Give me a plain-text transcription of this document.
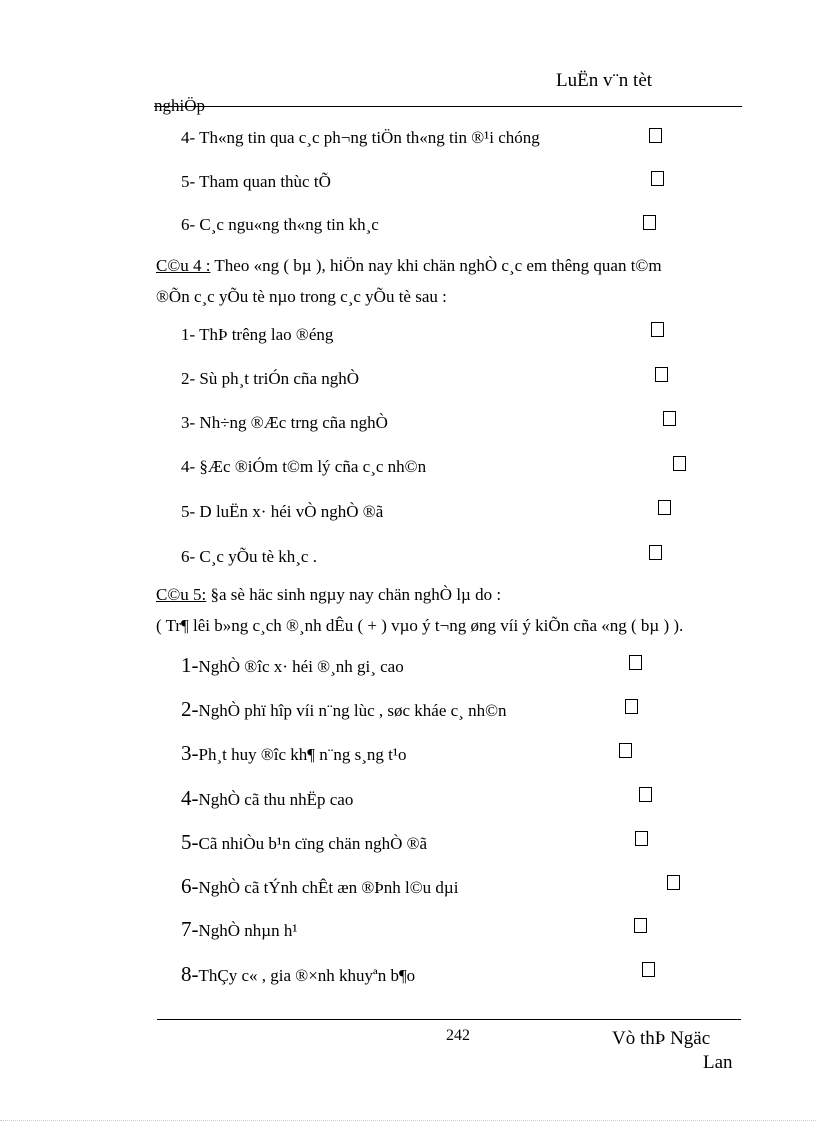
LuËn v¨n tèt
nghiÖp
4- Th«ng tin qua c¸c ph¬ng tiÖn th«ng tin ®¹i chóng
5- Tham quan thùc tÕ
6- C¸c ngu«ng th«ng tin kh¸c
C©u 4 : Theo «ng ( bµ ), hiÖn nay khi chän nghÒ c¸c em thêng quan t©m
®Õn c¸c yÕu tè nµo trong c¸c yÕu tè sau :
1- ThÞ trêng lao ®éng
2- Sù ph¸t triÓn cña nghÒ
3- Nh÷ng ®Æc trng cña nghÒ
4- §Æc ®iÓm t©m lý cña c¸c nh©n
5- D luËn x· héi vÒ nghÒ ®ã
6- C¸c yÕu tè kh¸c .
C©u 5: §a sè häc sinh ngµy nay chän nghÒ lµ do :
( Tr¶ lêi b»ng c¸ch ®¸nh dÊu ( + ) vµo ý t¬ng øng víi ý kiÕn cña «ng ( bµ ) ).
1-NghÒ ®îc x· héi ®¸nh gi¸ cao
2-NghÒ phï hîp víi n¨ng lùc , søc kháe c¸ nh©n
3-Ph¸t huy ®îc kh¶ n¨ng s¸ng t¹o
4-NghÒ cã thu nhËp cao
5-Cã nhiÒu b¹n cïng chän nghÒ ®ã
6-NghÒ cã tÝnh chÊt æn ®Þnh l©u dµi
7-NghÒ nhµn h¹
8-ThÇy c« , gia ®×nh khuyªn b¶o
242	Vò thÞ Ngäc
Lan
